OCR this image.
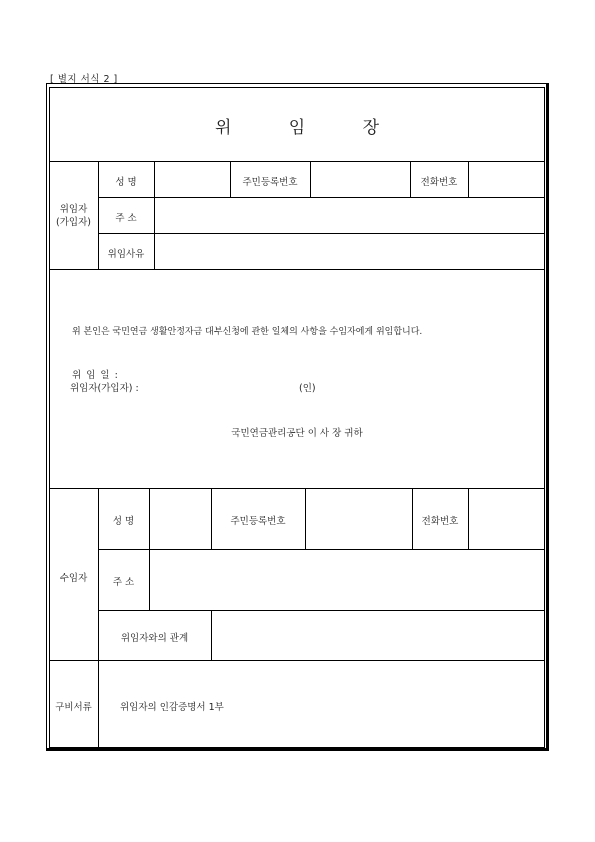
[ 별지 서식 2 ]
위 임 장
위임자
(가입자)
성 명	주민등록번호	전화번호
주 소
위임사유
위 본인은 국민연금 생활안정자금 대부신청에 관한 일체의 사항을 수임자에게 위임합니다.
위 임 일 :
위임자(가입자) :	(인)
국민연금관리공단 이 사 장 귀하
수임자
성 명	주민등록번호	전화번호
주 소
위임자와의 관계
구비서류	위임자의 인감증명서 1부
